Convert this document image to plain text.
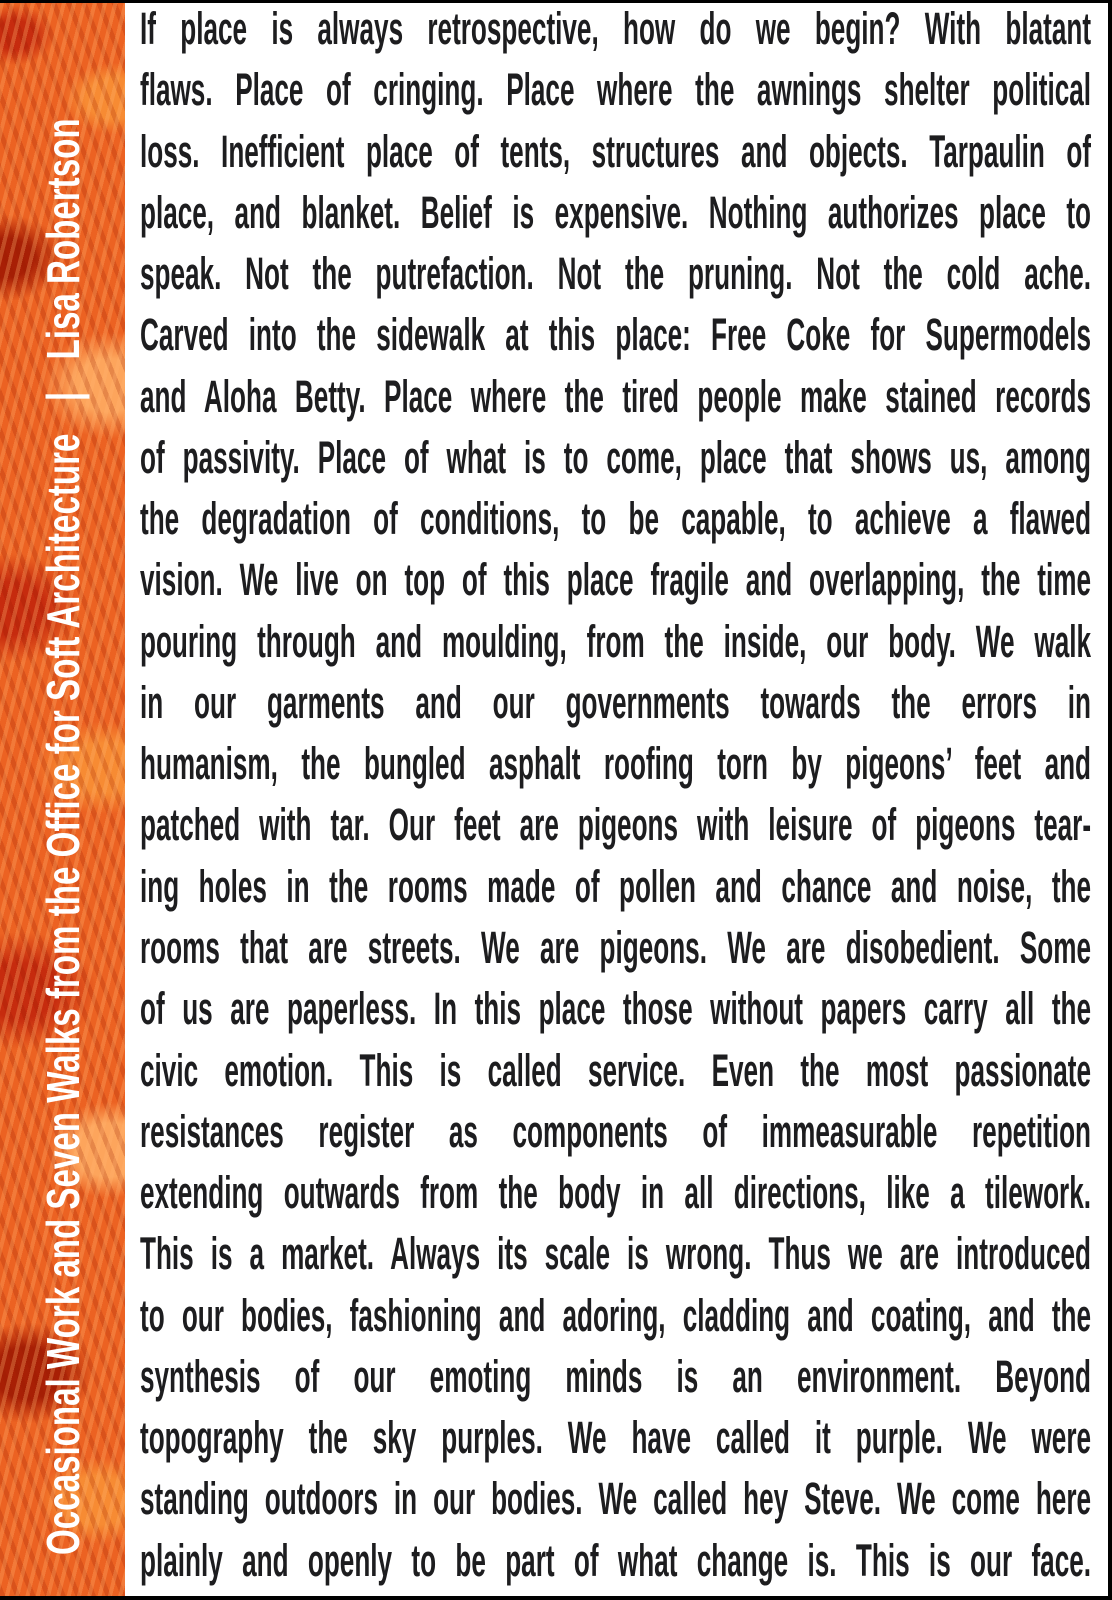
Occasional Work and Seven Walks from the Office for Soft Architecture
|
Lisa Robertson
If place is always retrospective, how do we begin? With blatant
flaws. Place of cringing. Place where the awnings shelter political
loss. Inefficient place of tents, structures and objects. Tarpaulin of
place, and blanket. Belief is expensive. Nothing authorizes place to
speak. Not the putrefaction. Not the pruning. Not the cold ache.
Carved into the sidewalk at this place: Free Coke for Supermodels
and Aloha Betty. Place where the tired people make stained records
of passivity. Place of what is to come, place that shows us, among
the degradation of conditions, to be capable, to achieve a flawed
vision. We live on top of this place fragile and overlapping, the time
pouring through and moulding, from the inside, our body. We walk
in our garments and our governments towards the errors in
humanism, the bungled asphalt roofing torn by pigeons’ feet and
patched with tar. Our feet are pigeons with leisure of pigeons tear-
ing holes in the rooms made of pollen and chance and noise, the
rooms that are streets. We are pigeons. We are disobedient. Some
of us are paperless. In this place those without papers carry all the
civic emotion. This is called service. Even the most passionate
resistances register as components of immeasurable repetition
extending outwards from the body in all directions, like a tilework.
This is a market. Always its scale is wrong. Thus we are introduced
to our bodies, fashioning and adoring, cladding and coating, and the
synthesis of our emoting minds is an environment. Beyond
topography the sky purples. We have called it purple. We were
standing outdoors in our bodies. We called hey Steve. We come here
plainly and openly to be part of what change is. This is our face.
